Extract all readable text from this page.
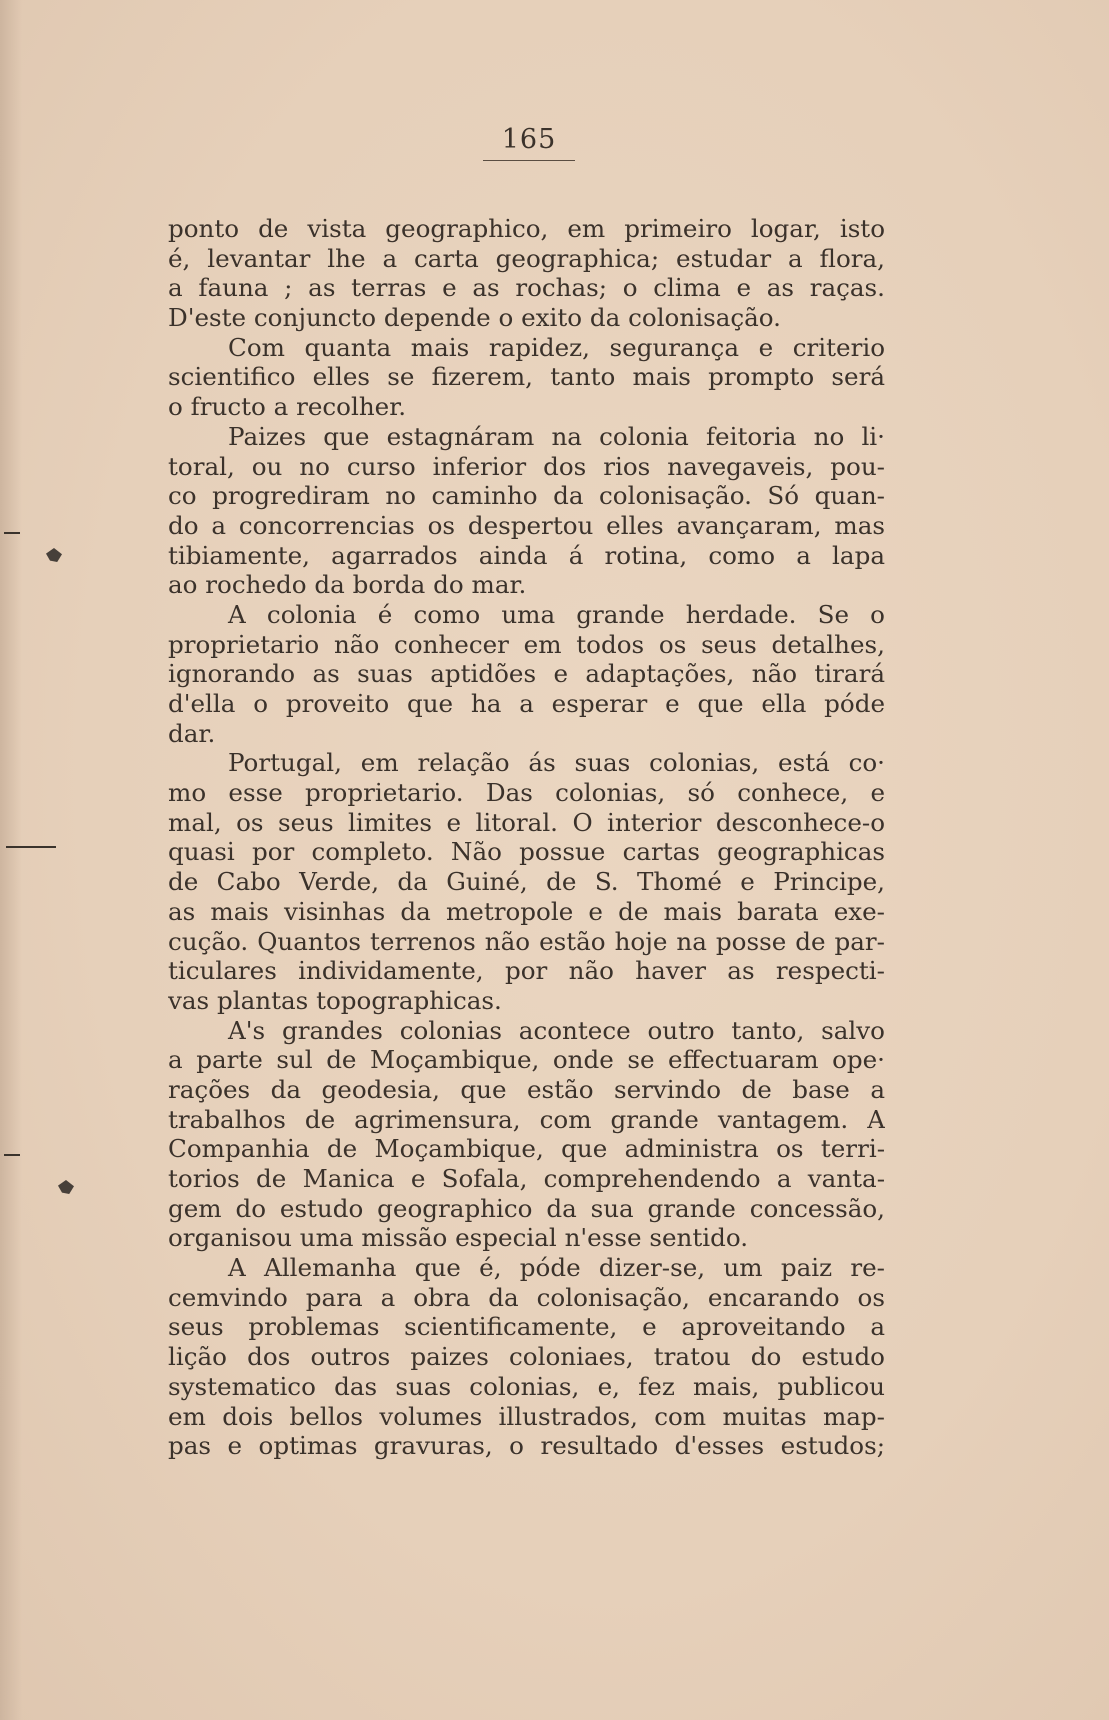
165
ponto de vista geographico, em primeiro logar, isto
é, levantar lhe a carta geographica; estudar a flora,
a fauna ; as terras e as rochas; o clima e as raças.
D'este conjuncto depende o exito da colonisação.
Com quanta mais rapidez, segurança e criterio
scientifico elles se fizerem, tanto mais prompto será
o fructo a recolher.
Paizes que estagnáram na colonia feitoria no li·
toral, ou no curso inferior dos rios navegaveis, pou-
co progrediram no caminho da colonisação. Só quan-
do a concorrencias os despertou elles avançaram, mas
tibiamente, agarrados ainda á rotina, como a lapa
ao rochedo da borda do mar.
A colonia é como uma grande herdade. Se o
proprietario não conhecer em todos os seus detalhes,
ignorando as suas aptidões e adaptações, não tirará
d'ella o proveito que ha a esperar e que ella póde
dar.
Portugal, em relação ás suas colonias, está co·
mo esse proprietario. Das colonias, só conhece, e
mal, os seus limites e litoral. O interior desconhece-o
quasi por completo. Não possue cartas geographicas
de Cabo Verde, da Guiné, de S. Thomé e Principe,
as mais visinhas da metropole e de mais barata exe-
cução. Quantos terrenos não estão hoje na posse de par-
ticulares individamente, por não haver as respecti-
vas plantas topographicas.
A's grandes colonias acontece outro tanto, salvo
a parte sul de Moçambique, onde se effectuaram ope·
rações da geodesia, que estão servindo de base a
trabalhos de agrimensura, com grande vantagem. A
Companhia de Moçambique, que administra os terri-
torios de Manica e Sofala, comprehendendo a vanta-
gem do estudo geographico da sua grande concessão,
organisou uma missão especial n'esse sentido.
A Allemanha que é, póde dizer-se, um paiz re-
cemvindo para a obra da colonisação, encarando os
seus problemas scientificamente, e aproveitando a
lição dos outros paizes coloniaes, tratou do estudo
systematico das suas colonias, e, fez mais, publicou
em dois bellos volumes illustrados, com muitas map-
pas e optimas gravuras, o resultado d'esses estudos;
